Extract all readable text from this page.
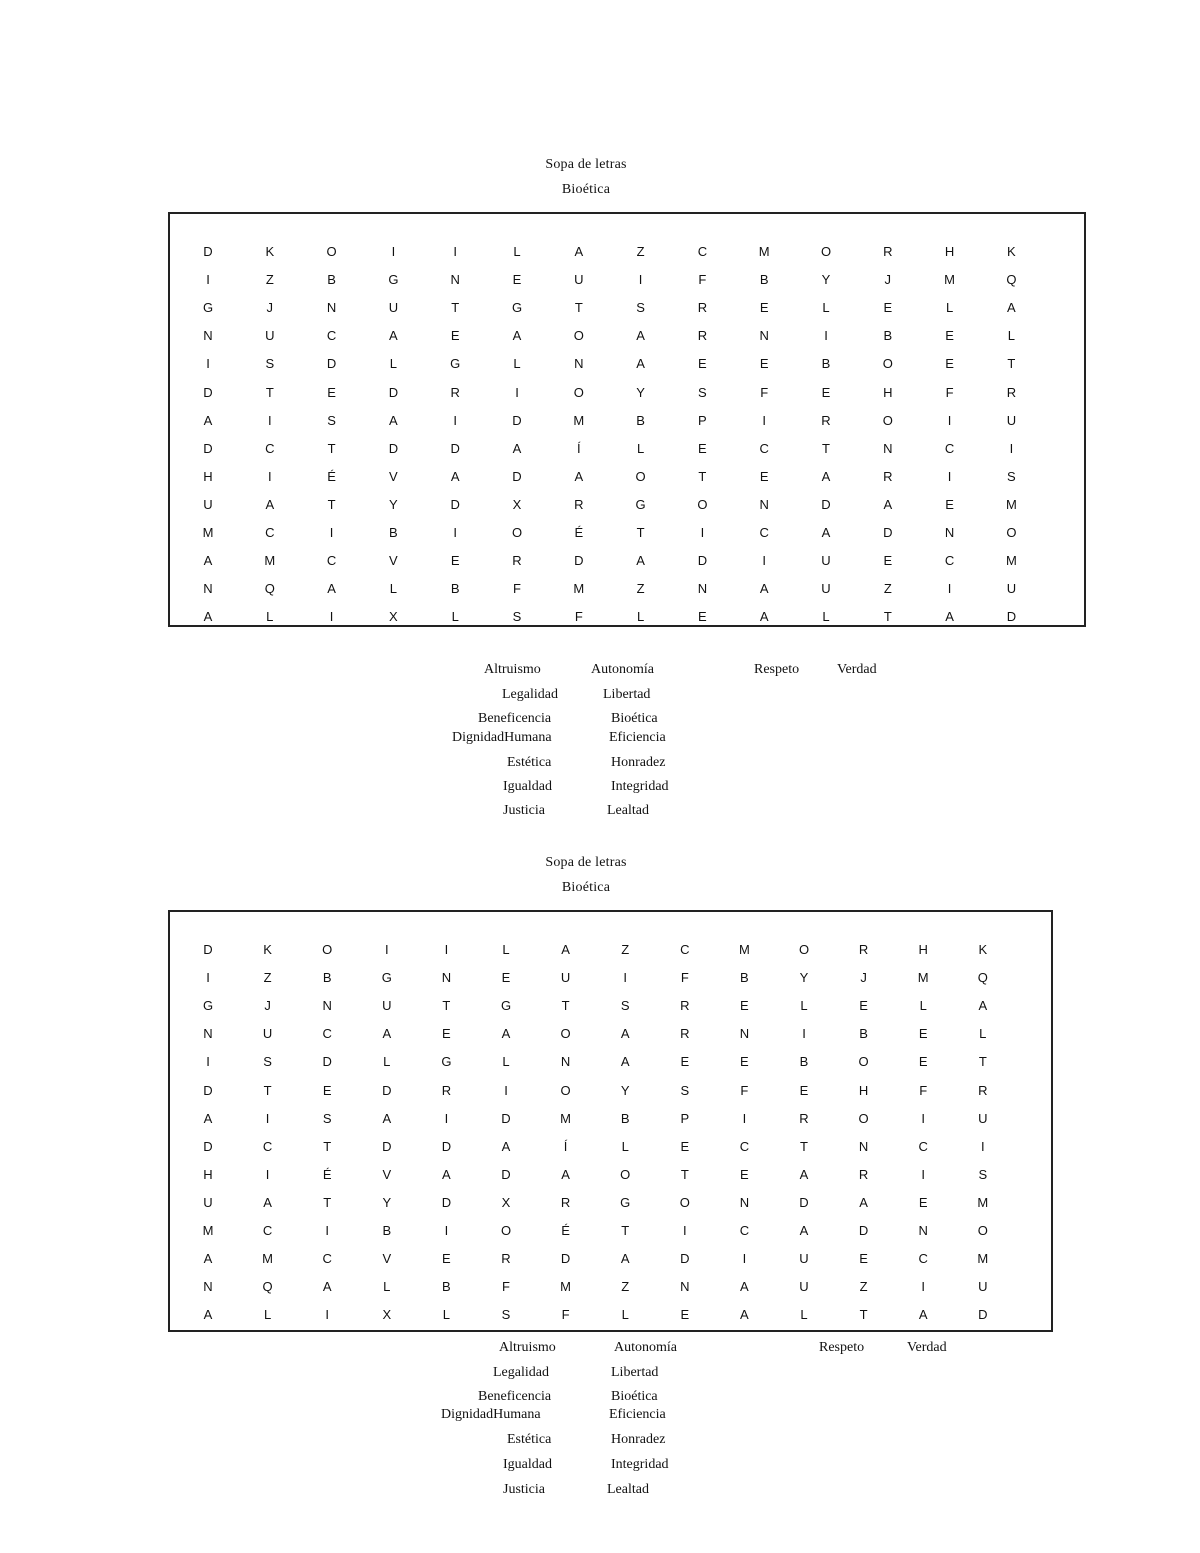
Sopa de letras
Bioética
D	K	O	I	I	L	A	Z	C	M	O	R	H	K
I	Z	B	G	N	E	U	I	F	B	Y	J	M	Q
G	J	N	U	T	G	T	S	R	E	L	E	L	A
N	U	C	A	E	A	O	A	R	N	I	B	E	L
I	S	D	L	G	L	N	A	E	E	B	O	E	T
D	T	E	D	R	I	O	Y	S	F	E	H	F	R
A	I	S	A	I	D	M	B	P	I	R	O	I	U
D	C	T	D	D	A	Í	L	E	C	T	N	C	I
H	I	É	V	A	D	A	O	T	E	A	R	I	S
U	A	T	Y	D	X	R	G	O	N	D	A	E	M
M	C	I	B	I	O	É	T	I	C	A	D	N	O
A	M	C	V	E	R	D	A	D	I	U	E	C	M
N	Q	A	L	B	F	M	Z	N	A	U	Z	I	U
A	L	I	X	L	S	F	L	E	A	L	T	A	D
Altruismo	Autonomía	Respeto	Verdad
Legalidad	Libertad
Beneficencia	Bioética
DignidadHumana	Eficiencia
Estética	Honradez
Igualdad	Integridad
Justicia	Lealtad
Sopa de letras
Bioética
D	K	O	I	I	L	A	Z	C	M	O	R	H	K
I	Z	B	G	N	E	U	I	F	B	Y	J	M	Q
G	J	N	U	T	G	T	S	R	E	L	E	L	A
N	U	C	A	E	A	O	A	R	N	I	B	E	L
I	S	D	L	G	L	N	A	E	E	B	O	E	T
D	T	E	D	R	I	O	Y	S	F	E	H	F	R
A	I	S	A	I	D	M	B	P	I	R	O	I	U
D	C	T	D	D	A	Í	L	E	C	T	N	C	I
H	I	É	V	A	D	A	O	T	E	A	R	I	S
U	A	T	Y	D	X	R	G	O	N	D	A	E	M
M	C	I	B	I	O	É	T	I	C	A	D	N	O
A	M	C	V	E	R	D	A	D	I	U	E	C	M
N	Q	A	L	B	F	M	Z	N	A	U	Z	I	U
A	L	I	X	L	S	F	L	E	A	L	T	A	D
Altruismo	Autonomía	Respeto	Verdad
Legalidad	Libertad
Beneficencia	Bioética
DignidadHumana	Eficiencia
Estética	Honradez
Igualdad	Integridad
Justicia	Lealtad
